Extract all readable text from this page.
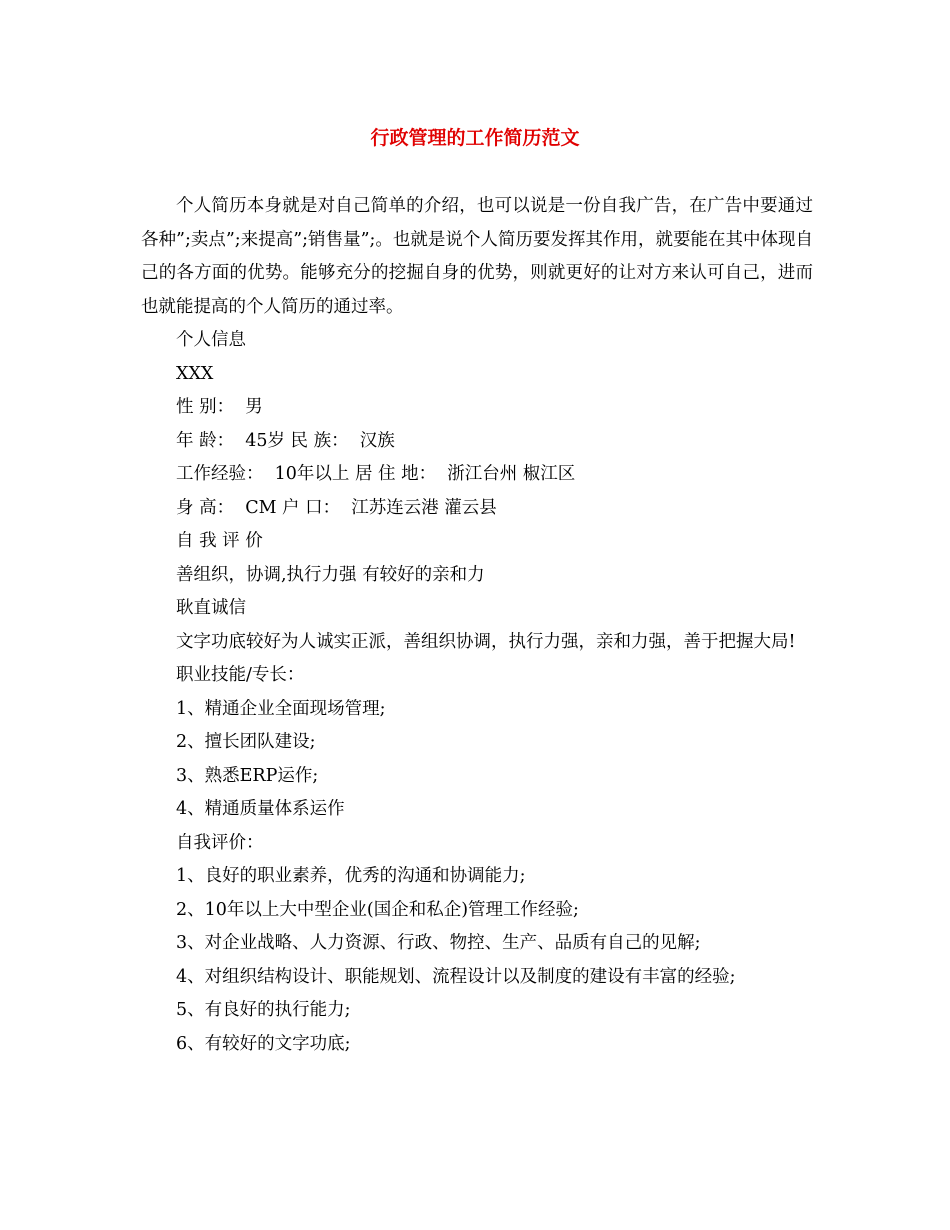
行政管理的工作简历范文

个人简历本身就是对自己简单的介绍，也可以说是一份自我广告，在广告中要通过各种”;卖点”;来提高”;销售量”;。也就是说个人简历要发挥其作用，就要能在其中体现自己的各方面的优势。能够充分的挖掘自身的优势，则就更好的让对方来认可自己，进而也就能提高的个人简历的通过率。

个人信息

XXX

性 别：  男

年 龄：  45岁 民 族：  汉族

工作经验：  10年以上 居 住 地：  浙江台州 椒江区

身 高：  CM 户 口：  江苏连云港 灌云县

自 我 评 价

善组织，协调,执行力强 有较好的亲和力

耿直诚信

文字功底较好为人诚实正派，善组织协调，执行力强，亲和力强，善于把握大局!

职业技能/专长：

1、精通企业全面现场管理;

2、擅长团队建设;

3、熟悉ERP运作;

4、精通质量体系运作

自我评价：

1、良好的职业素养，优秀的沟通和协调能力;

2、10年以上大中型企业(国企和私企)管理工作经验;

3、对企业战略、人力资源、行政、物控、生产、品质有自己的见解;

4、对组织结构设计、职能规划、流程设计以及制度的建设有丰富的经验;

5、有良好的执行能力;

6、有较好的文字功底;
